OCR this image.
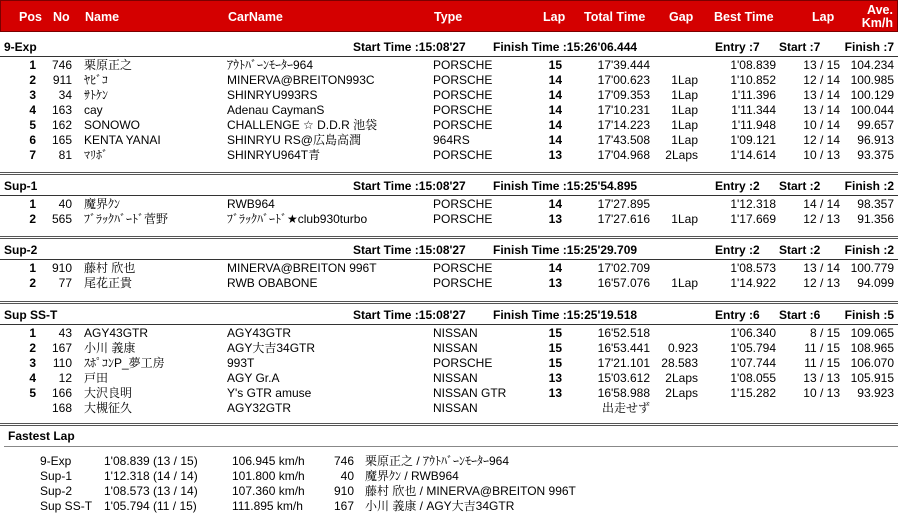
Pos No Name	CarName	Type	Lap Total Time Gap Best Time	Lap	Ave.
Km/h
9-Exp	Start Time :15:08'27 Finish Time :15:26'06.444	Entry :7 Start :7	Finish :7
1	746 栗原正之	ｱｳﾄﾊﾞｰﾝﾓｰﾀｰ964	PORSCHE	15	17'39.444	1'08.839	13 / 15 104.234
2	911 ﾔﾋﾞｺ	MINERVA@BREITON993C	PORSCHE	14	17'00.623	1Lap	1'10.852	12 / 14 100.985
3	34 ｻﾄｹﾝ	SHINRYU993RS	PORSCHE	14	17'09.353	1Lap	1'11.396	13 / 14 100.129
4	163 cay	Adenau CaymanS	PORSCHE	14	17'10.231	1Lap	1'11.344	13 / 14 100.044
5	162 SONOWO	CHALLENGE ☆ D.D.R 池袋	PORSCHE	14	17'14.223	1Lap	1'11.948	10 / 14	99.657
6	165 KENTA YANAI	SHINRYU RS@広島高潤	964RS	14	17'43.508	1Lap	1'09.121	12 / 14	96.913
7	81 ﾏﾘﾎﾞ	SHINRYU964T青	PORSCHE	13	17'04.968	2Laps	1'14.614	10 / 13	93.375
Sup-1	Start Time :15:08'27 Finish Time :15:25'54.895	Entry :2 Start :2	Finish :2
1	40 魔界ｸﾝ	RWB964	PORSCHE	14	17'27.895	1'12.318	14 / 14	98.357
2	565 ﾌﾞﾗｯｸﾊﾞｰﾄﾞ菅野	ﾌﾞﾗｯｸﾊﾞｰﾄﾞ★club930turbo	PORSCHE	13	17'27.616	1Lap	1'17.669	12 / 13	91.356
Sup-2	Start Time :15:08'27 Finish Time :15:25'29.709	Entry :2 Start :2	Finish :2
1	910 藤村 欣也	MINERVA@BREITON 996T	PORSCHE	14	17'02.709	1'08.573	13 / 14 100.779
2	77 尾花正貴	RWB OBABONE	PORSCHE	13	16'57.076	1Lap	1'14.922	12 / 13	94.099
Sup SS-T	Start Time :15:08'27 Finish Time :15:25'19.518	Entry :6 Start :6	Finish :5
1	43 AGY43GTR	AGY43GTR	NISSAN	15	16'52.518	1'06.340	8 / 15 109.065
2	167 小川 義康	AGY大吉34GTR	NISSAN	15	16'53.441	0.923	1'05.794	11 / 15 108.965
3	110 ｽﾎﾟｺﾝP_夢工房	993T	PORSCHE	15	17'21.101 28.583	1'07.744	11 / 15 106.070
4	12 戸田	AGY Gr.A	NISSAN	13	15'03.612	2Laps	1'08.055	13 / 13 105.915
5	166 大沢良明	Y's GTR amuse	NISSAN GTR	13	16'58.988	2Laps	1'15.282	10 / 13	93.923
168 大槻征久	AGY32GTR	NISSAN	出走せず
Fastest Lap
9-Exp	1'08.839 (13 / 15)	106.945 km/h	746 栗原正之 / ｱｳﾄﾊﾞｰﾝﾓｰﾀｰ964
Sup-1	1'12.318 (14 / 14)	101.800 km/h	40 魔界ｸﾝ / RWB964
Sup-2	1'08.573 (13 / 14)	107.360 km/h	910 藤村 欣也 / MINERVA@BREITON 996T
Sup SS-T 1'05.794 (11 / 15)	111.895 km/h	167 小川 義康 / AGY大吉34GTR
